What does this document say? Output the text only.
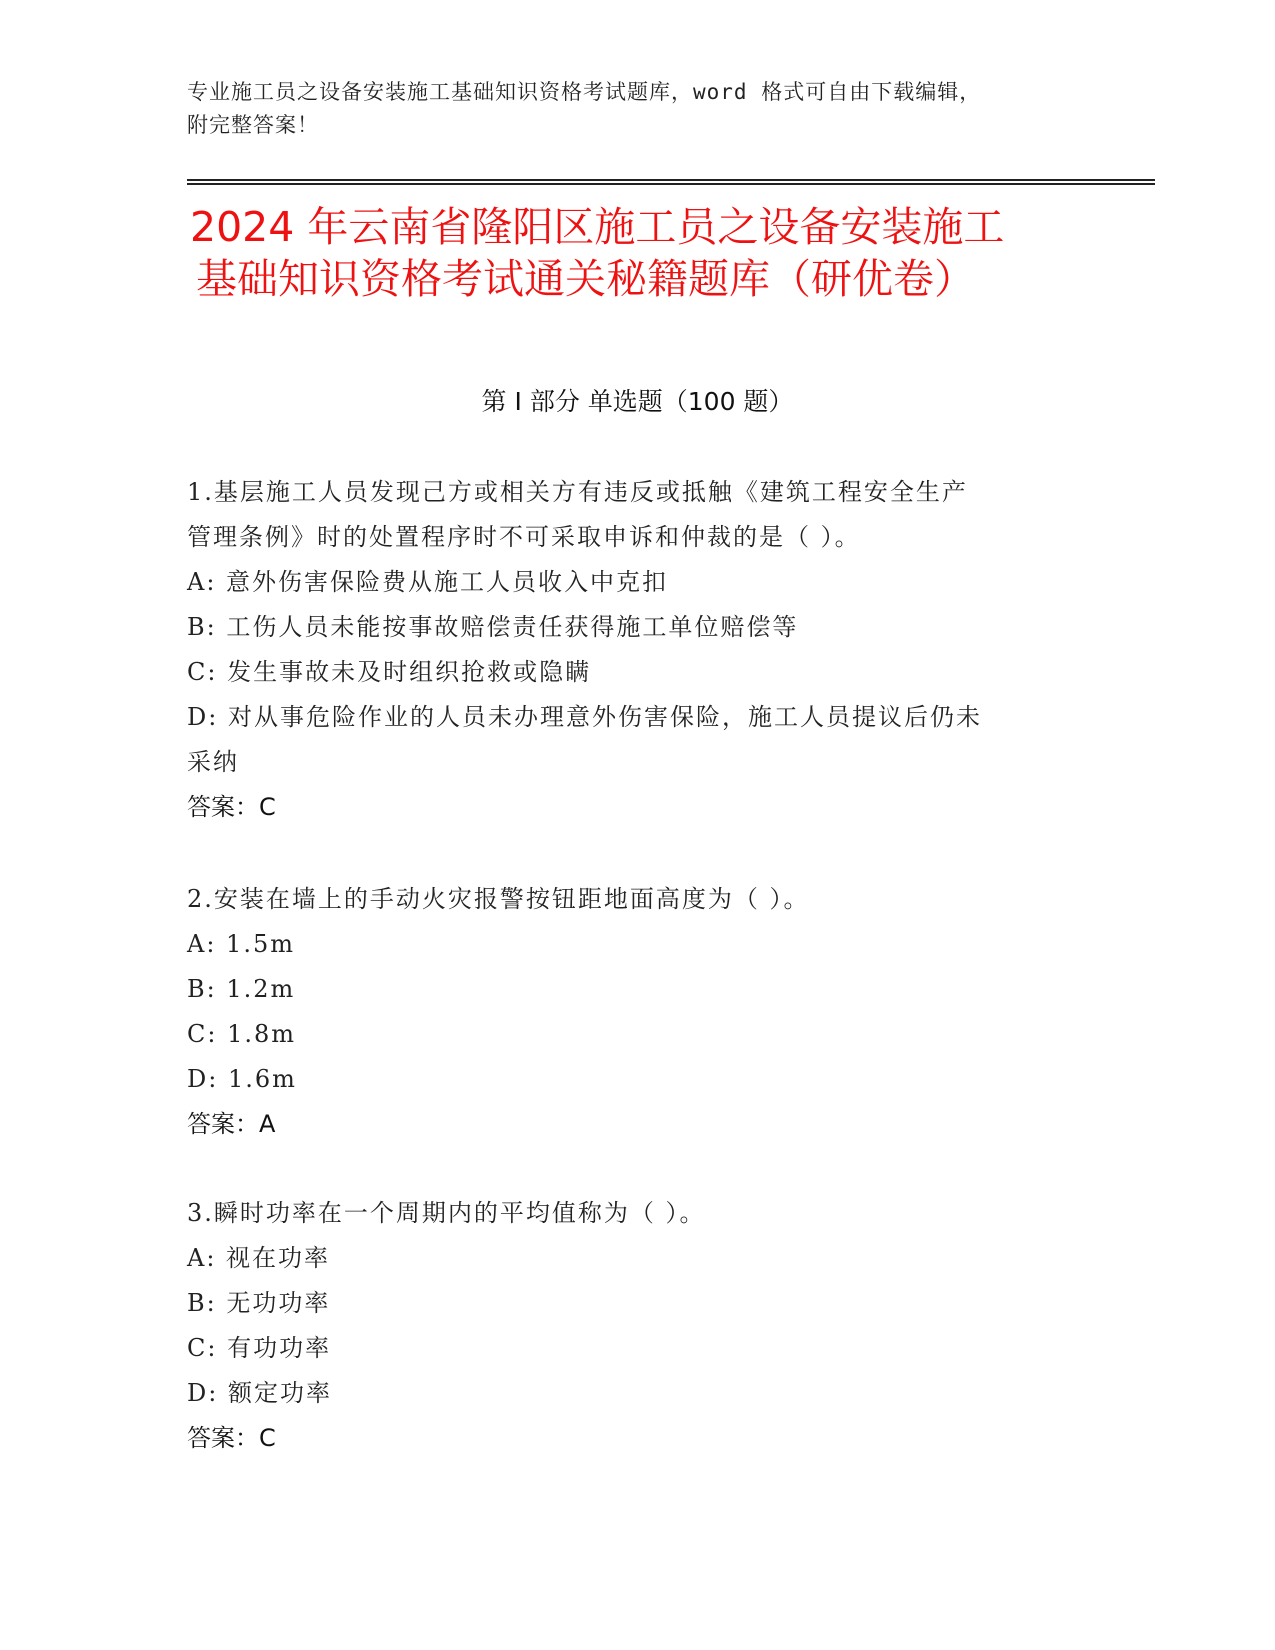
专业施工员之设备安装施工基础知识资格考试题库，word 格式可自由下载编辑，
附完整答案！
2024 年云南省隆阳区施工员之设备安装施工
基础知识资格考试通关秘籍题库（研优卷）
第 I 部分 单选题（100 题）

1.基层施工人员发现己方或相关方有违反或抵触《建筑工程安全生产

管理条例》时的处置程序时不可采取申诉和仲裁的是（ ）。

A: 意外伤害保险费从施工人员收入中克扣

B: 工伤人员未能按事故赔偿责任获得施工单位赔偿等

C: 发生事故未及时组织抢救或隐瞒

D: 对从事危险作业的人员未办理意外伤害保险，施工人员提议后仍未

采纳

答案：C

2.安装在墙上的手动火灾报警按钮距地面高度为（ ）。

A: 1.5m

B: 1.2m

C: 1.8m

D: 1.6m

答案：A

3.瞬时功率在一个周期内的平均值称为（ ）。

A: 视在功率

B: 无功功率

C: 有功功率

D: 额定功率

答案：C
